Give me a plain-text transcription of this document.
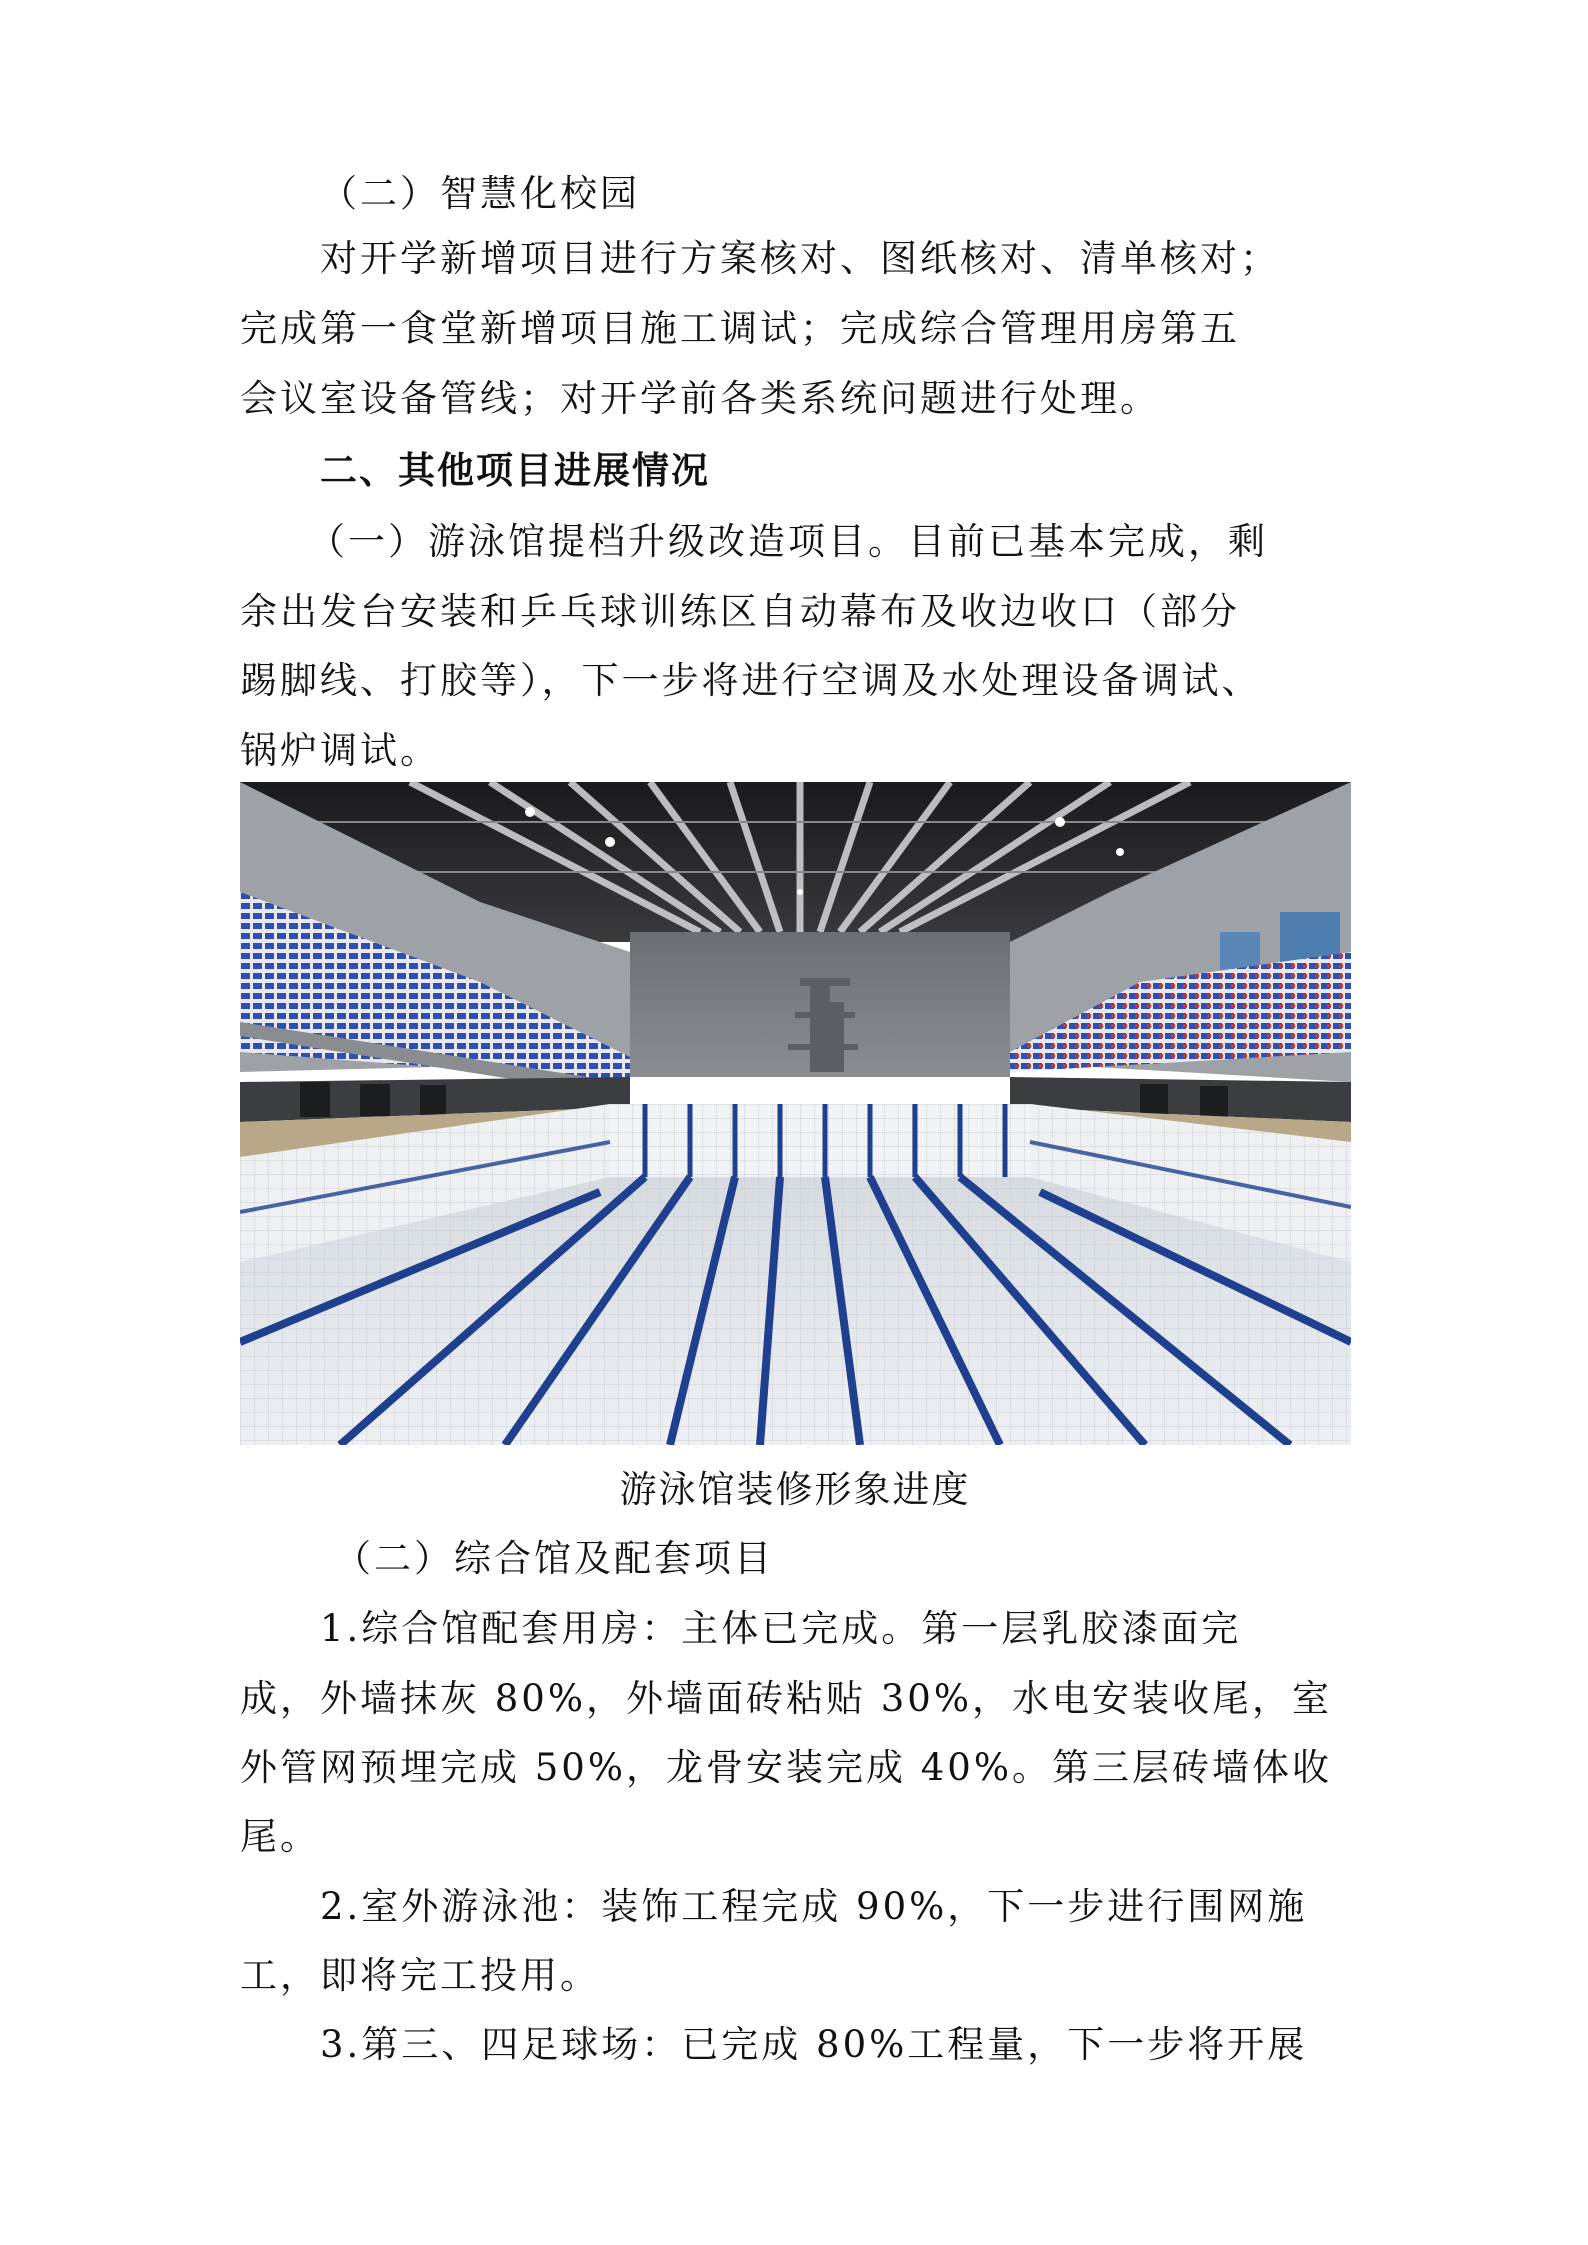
（二）智慧化校园
对开学新增项目进行方案核对、图纸核对、清单核对；
完成第一食堂新增项目施工调试；完成综合管理用房第五
会议室设备管线；对开学前各类系统问题进行处理。
二、其他项目进展情况
（一）游泳馆提档升级改造项目。目前已基本完成，剩
余出发台安装和乒乓球训练区自动幕布及收边收口（部分
踢脚线、打胶等），下一步将进行空调及水处理设备调试、
锅炉调试。
游泳馆装修形象进度
（二）综合馆及配套项目
1.综合馆配套用房：主体已完成。第一层乳胶漆面完
成，外墙抹灰 80%，外墙面砖粘贴 30%，水电安装收尾，室
外管网预埋完成 50%，龙骨安装完成 40%。第三层砖墙体收
尾。
2.室外游泳池：装饰工程完成 90%，下一步进行围网施
工，即将完工投用。
3.第三、四足球场：已完成 80%工程量，下一步将开展
